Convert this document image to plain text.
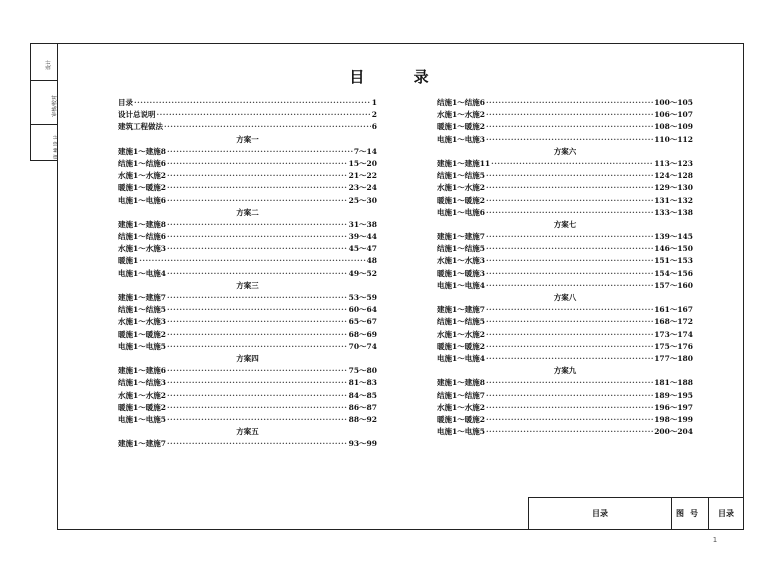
设计
审核/校对
审 核 设 计
目 录
目录 ·····	1
设计总说明 ·····	2
建筑工程做法 ·····	6
方案一
建施1～建施8 ·····	7～14
结施1～结施6 ·····	15～20
水施1～水施2 ·····	21～22
暖施1～暖施2 ·····	23～24
电施1～电施6 ·····	25～30
方案二
建施1～建施8 ·····	31～38
结施1～结施6 ·····	39～44
水施1～水施3 ·····	45～47
暖施1 ·····	48
电施1～电施4 ·····	49～52
方案三
建施1～建施7 ·····	53～59
结施1～结施5 ·····	60～64
水施1～水施3 ·····	65～67
暖施1～暖施2 ·····	68～69
电施1～电施5 ·····	70～74
方案四
建施1～建施6 ·····	75～80
结施1～结施3 ·····	81～83
水施1～水施2 ·····	84～85
暖施1～暖施2 ·····	86～87
电施1～电施5 ·····	88～92
方案五
建施1～建施7 ·····	93～99
结施1～结施6 ·····	100～105
水施1～水施2 ·····	106～107
暖施1～暖施2 ·····	108～109
电施1～电施3 ·····	110～112
方案六
建施1～建施11 ·····	113～123
结施1～结施5 ·····	124～128
水施1～水施2 ·····	129～130
暖施1～暖施2 ·····	131～132
电施1～电施6 ·····	133～138
方案七
建施1～建施7 ·····	139～145
结施1～结施5 ·····	146～150
水施1～水施3 ·····	151～153
暖施1～暖施3 ·····	154～156
电施1～电施4 ·····	157～160
方案八
建施1～建施7 ·····	161～167
结施1～结施5 ·····	168～172
水施1～水施2 ·····	173～174
暖施1～暖施2 ·····	175～176
电施1～电施4 ·····	177～180
方案九
建施1～建施8 ·····	181～188
结施1～结施7 ·····	189～195
水施1～水施2 ·····	196～197
暖施1～暖施2 ·····	198～199
电施1～电施5 ·····	200～204
目录	图号	目录
1
